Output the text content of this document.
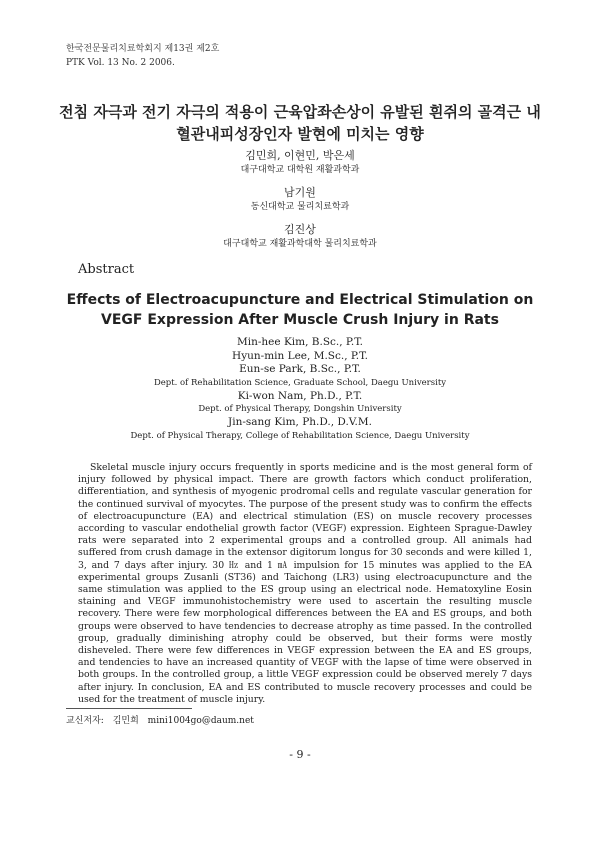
한국전문물리치료학회지 제13권 제2호
PTK Vol. 13 No. 2 2006.
전침 자극과 전기 자극의 적용이 근육압좌손상이 유발된 흰쥐의 골격근 내
혈관내피성장인자 발현에 미치는 영향
김민희, 이현민, 박은세
대구대학교 대학원 재활과학과
남기원
동신대학교 물리치료학과
김진상
대구대학교 재활과학대학 물리치료학과
Abstract
Effects of Electroacupuncture and Electrical Stimulation on
VEGF Expression After Muscle Crush Injury in Rats
Min-hee Kim, B.Sc., P.T.
Hyun-min Lee, M.Sc., P.T.
Eun-se Park, B.Sc., P.T.
Dept. of Rehabilitation Science, Graduate School, Daegu University
Ki-won Nam, Ph.D., P.T.
Dept. of Physical Therapy, Dongshin University
Jin-sang Kim, Ph.D., D.V.M.
Dept. of Physical Therapy, College of Rehabilitation Science, Daegu University

Skeletal muscle injury occurs frequently in sports medicine and is the most general form of injury followed by physical impact. There are growth factors which conduct proliferation, differentiation, and synthesis of myogenic prodromal cells and regulate vascular generation for the continued survival of myocytes. The purpose of the present study was to confirm the effects of electroacupuncture (EA) and electrical stimulation (ES) on muscle recovery processes according to vascular endothelial growth factor (VEGF) expression. Eighteen Sprague-Dawley rats were separated into 2 experimental groups and a controlled group. All animals had suffered from crush damage in the extensor digitorum longus for 30 seconds and were killed 1, 3, and 7 days after injury. 30 ㎐ and 1 ㎃ impulsion for 15 minutes was applied to the EA experimental groups Zusanli (ST36) and Taichong (LR3) using electroacupuncture and the same stimulation was applied to the ES group using an electrical node. Hematoxyline Eosin staining and VEGF immunohistochemistry were used to ascertain the resulting muscle recovery. There were few morphological differences between the EA and ES groups, and both groups were observed to have tendencies to decrease atrophy as time passed. In the controlled group, gradually diminishing atrophy could be observed, but their forms were mostly disheveled. There were few differences in VEGF expression between the EA and ES groups, and tendencies to have an increased quantity of VEGF with the lapse of time were observed in both groups. In the controlled group, a little VEGF expression could be observed merely 7 days after injury. In conclusion, EA and ES contributed to muscle recovery processes and could be used for the treatment of muscle injury.

교신저자: 김민희 mini1004go@daum.net
- 9 -
